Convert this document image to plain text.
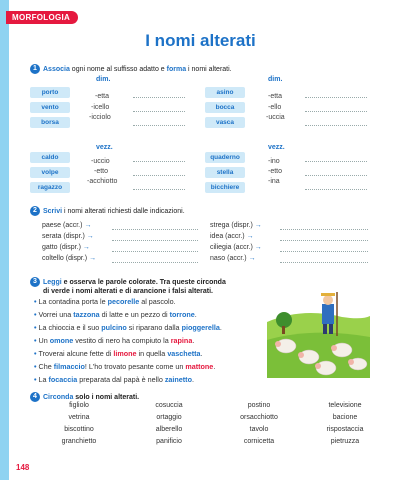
MORFOLOGIA
I nomi alterati
1 Associa ogni nome al suffisso adatto e forma i nomi alterati.
dim.	dim.
vezz.	vezz.
porto
vento
borsa
-etta
-icello
-icciolo
asino
bocca
vasca
-etta
-ello
-uccia
caldo
volpe
ragazzo
-uccio
-etto
-acchiotto
quaderno
stella
bicchiere
-ino
-etto
-ina
2 Scrivi i nomi alterati richiesti dalle indicazioni.
paese (accr.) →
serata (dispr.) →
gatto (dispr.) →
coltello (dispr.) →
strega (dispr.) →
idea (accr.) →
ciliegia (accr.) →
naso (accr.) →
3 Leggi e osserva le parole colorate. Tra queste circonda
di verde i nomi alterati e di arancione i falsi alterati.
• La contadina porta le pecorelle al pascolo.
• Vorrei una tazzona di latte e un pezzo di torrone.
• La chioccia e il suo pulcino si riparano dalla pioggerella.
• Un omone vestito di nero ha compiuto la rapina.
• Troverai alcune fette di limone in quella vaschetta.
• Che filmaccio! L'ho trovato pesante come un mattone.
• La focaccia preparata dal papà è nello zainetto.
4 Circonda solo i nomi alterati.
figliolo
vetrina
biscottino
granchietto
cosuccia
ortaggio
alberello
panificio
postino
orsacchiotto
tavolo
cornicetta
televisione
bacione
rispostaccia
pietruzza
148
